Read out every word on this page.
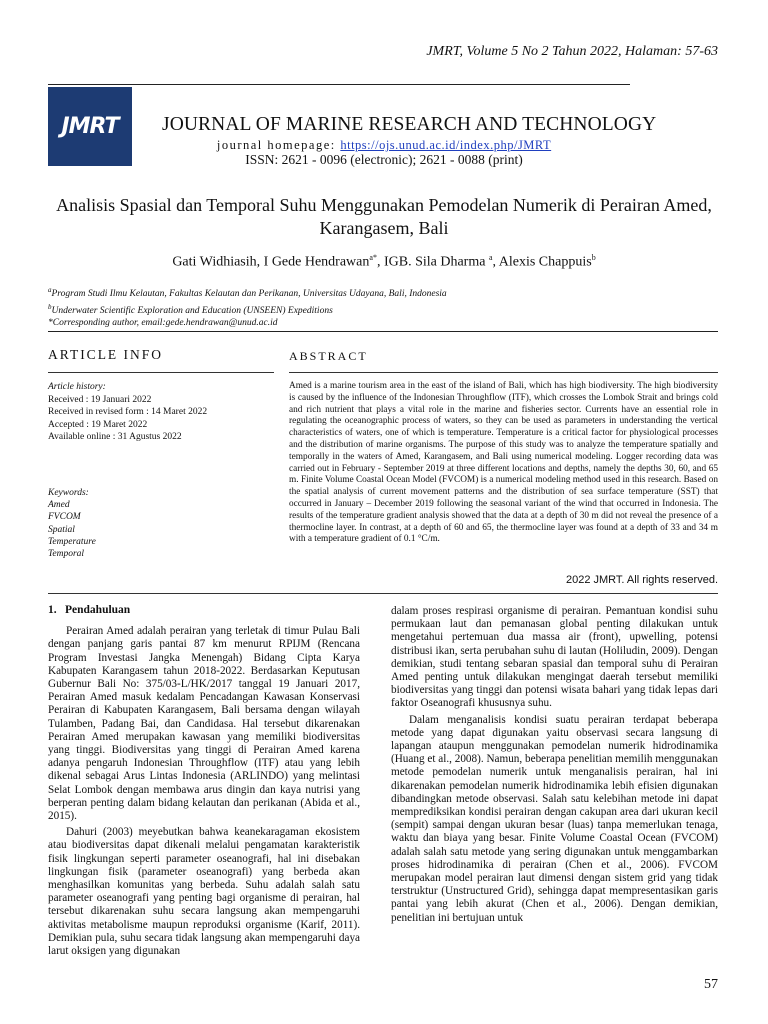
JMRT, Volume 5 No 2 Tahun 2022, Halaman: 57-63
JMRT JOURNAL OF MARINE RESEARCH AND TECHNOLOGY
journal homepage: https://ojs.unud.ac.id/index.php/JMRT
ISSN: 2621 - 0096 (electronic); 2621 - 0088 (print)
Analisis Spasial dan Temporal Suhu Menggunakan Pemodelan Numerik di Perairan Amed, Karangasem, Bali
Gati Widhiasih, I Gede Hendrawan$^{a*}$, IGB. Sila Dharma $^a$, Alexis Chappuis$^b$
$^a$Program Studi Ilmu Kelautan, Fakultas Kelautan dan Perikanan, Universitas Udayana, Bali, Indonesia
$^b$Underwater Scientific Exploration and Education (UNSEEN) Expeditions
*Corresponding author, email:gede.hendrawan@unud.ac.id
ARTICLE INFO	ABSTRACT
Article history:
Received : 19 Januari 2022
Received in revised form : 14 Maret 2022
Accepted : 19 Maret 2022
Available online : 31 Agustus 2022
Keywords:
Amed
FVCOM
Spatial
Temperature
Temporal
Amed is a marine tourism area in the east of the island of Bali, which has high biodiversity. The high biodiversity is caused by the influence of the Indonesian Throughflow (ITF), which crosses the Lombok Strait and brings cold and rich nutrient that plays a vital role in the marine and fisheries sector. Currents have an essential role in regulating the oceanographic process of waters, so they can be used as parameters in understanding the vertical characteristics of waters, one of which is temperature. Temperature is a critical factor for physiological processes and the distribution of marine organisms. The purpose of this study was to analyze the temperature spatially and temporally in the waters of Amed, Karangasem, and Bali using numerical modeling. Logger recording data was carried out in February - September 2019 at three different locations and depths, namely the depths 30, 60, and 65 m. Finite Volume Coastal Ocean Model (FVCOM) is a numerical modeling method used in this research. Based on the spatial analysis of current movement patterns and the distribution of sea surface temperature (SST) that occurred in January – December 2019 following the seasonal variant of the wind that occurred in Indonesia. The results of the temperature gradient analysis showed that the data at a depth of 30 m did not reveal the presence of a thermocline layer. In contrast, at a depth of 60 and 65, the thermocline layer was found at a depth of 33 and 34 m with a temperature gradient of 0.1 °C/m.
2022 JMRT. All rights reserved.
1. Pendahuluan

Perairan Amed adalah perairan yang terletak di timur Pulau Bali dengan panjang garis pantai 87 km menurut RPIJM (Rencana Program Investasi Jangka Menengah) Bidang Cipta Karya Kabupaten Karangasem tahun 2018-2022. Berdasarkan Keputusan Gubernur Bali No: 375/03-L/HK/2017 tanggal 19 Januari 2017, Perairan Amed masuk kedalam Pencadangan Kawasan Konservasi Perairan di Kabupaten Karangasem, Bali bersama dengan wilayah Tulamben, Padang Bai, dan Candidasa. Hal tersebut dikarenakan Perairan Amed merupakan kawasan yang memiliki biodiversitas yang tinggi. Biodiversitas yang tinggi di Perairan Amed karena adanya pengaruh Indonesian Throughflow (ITF) atau yang lebih dikenal sebagai Arus Lintas Indonesia (ARLINDO) yang melintasi Selat Lombok dengan membawa arus dingin dan kaya nutrisi yang berperan penting dalam bidang kelautan dan perikanan (Abida et al., 2015).

Dahuri (2003) meyebutkan bahwa keanekaragaman ekosistem atau biodiversitas dapat dikenali melalui pengamatan karakteristik fisik lingkungan seperti parameter oseanografi, hal ini disebakan lingkungan fisik (parameter oseanografi) yang berbeda akan menghasilkan komunitas yang berbeda. Suhu adalah salah satu parameter oseanografi yang penting bagi organisme di perairan, hal tersebut dikarenakan suhu secara langsung akan mempengaruhi aktivitas metabolisme maupun reproduksi organisme (Karif, 2011). Demikian pula, suhu secara tidak langsung akan mempengaruhi daya larut oksigen yang digunakan

dalam proses respirasi organisme di perairan. Pemantuan kondisi suhu permukaan laut dan pemanasan global penting dilakukan untuk mengetahui pertemuan dua massa air (front), upwelling, potensi distribusi ikan, serta perubahan suhu di lautan (Holiludin, 2009). Dengan demikian, studi tentang sebaran spasial dan temporal suhu di Perairan Amed penting untuk dilakukan mengingat daerah tersebut memiliki biodiversitas yang tinggi dan potensi wisata bahari yang tidak lepas dari faktor Oseanografi khususnya suhu.

Dalam menganalisis kondisi suatu perairan terdapat beberapa metode yang dapat digunakan yaitu observasi secara langsung di lapangan ataupun menggunakan pemodelan numerik hidrodinamika (Huang et al., 2008). Namun, beberapa penelitian memilih menggunakan metode pemodelan numerik untuk menganalisis perairan, hal ini dikarenakan pemodelan numerik hidrodinamika lebih efisien digunakan dibandingkan metode observasi. Salah satu kelebihan metode ini dapat memprediksikan kondisi perairan dengan cakupan area dari ukuran kecil (sempit) sampai dengan ukuran besar (luas) tanpa memerlukan tenaga, waktu dan biaya yang besar. Finite Volume Coastal Ocean (FVCOM) adalah salah satu metode yang sering digunakan untuk menggambarkan proses hidrodinamika di perairan (Chen et al., 2006). FVCOM merupakan model perairan laut dimensi dengan sistem grid yang tidak terstruktur (Unstructured Grid), sehingga dapat mempresentasikan garis pantai yang lebih akurat (Chen et al., 2006). Dengan demikian, penelitian ini bertujuan untuk

57
